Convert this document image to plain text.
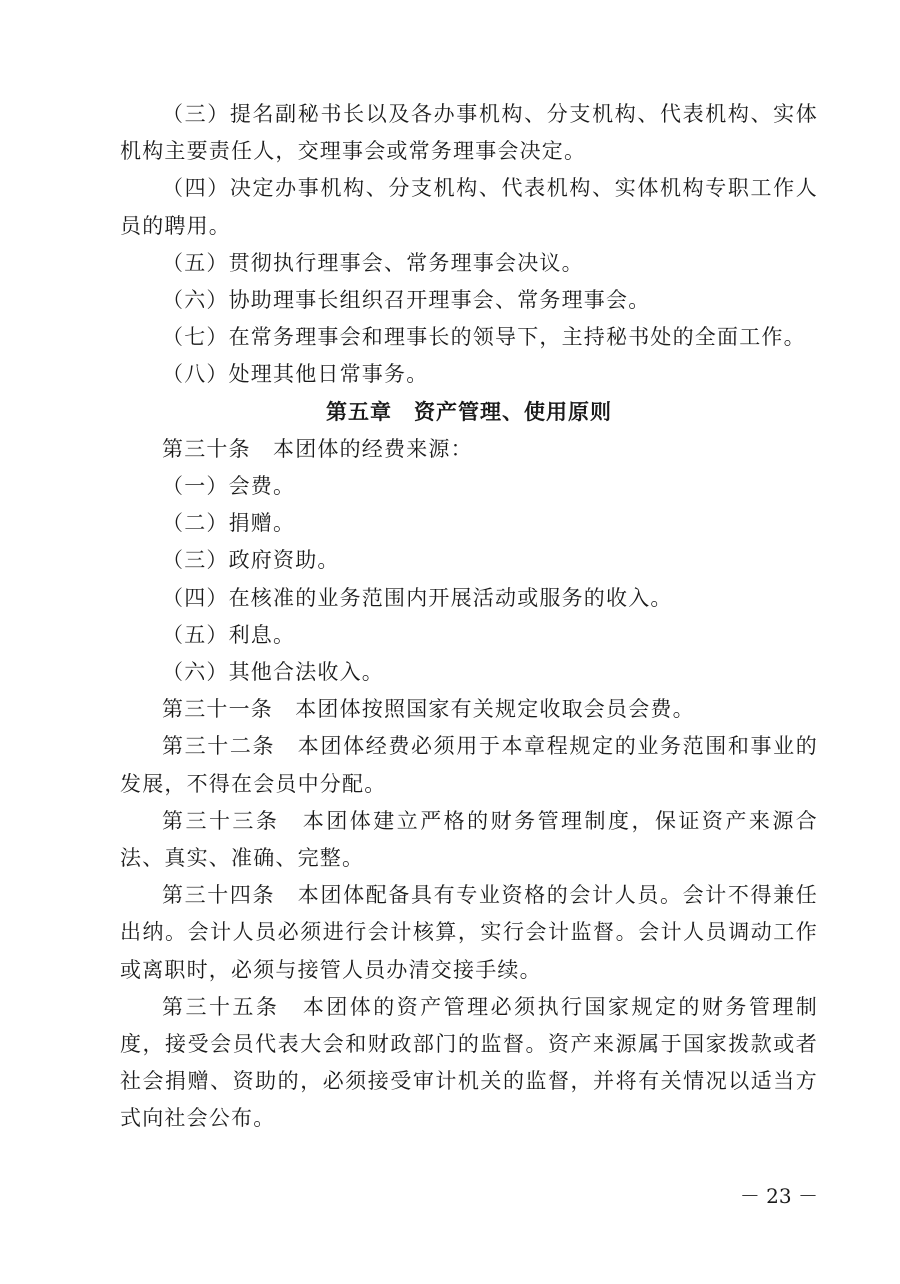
（三）提名副秘书长以及各办事机构、分支机构、代表机构、实体机构主要责任人，交理事会或常务理事会决定。

（四）决定办事机构、分支机构、代表机构、实体机构专职工作人员的聘用。

（五）贯彻执行理事会、常务理事会决议。

（六）协助理事长组织召开理事会、常务理事会。

（七）在常务理事会和理事长的领导下，主持秘书处的全面工作。

（八）处理其他日常事务。

第五章　资产管理、使用原则

第三十条　本团体的经费来源：

（一）会费。

（二）捐赠。

（三）政府资助。

（四）在核准的业务范围内开展活动或服务的收入。

（五）利息。

（六）其他合法收入。

第三十一条　本团体按照国家有关规定收取会员会费。

第三十二条　本团体经费必须用于本章程规定的业务范围和事业的发展，不得在会员中分配。

第三十三条　本团体建立严格的财务管理制度，保证资产来源合法、真实、准确、完整。

第三十四条　本团体配备具有专业资格的会计人员。会计不得兼任出纳。会计人员必须进行会计核算，实行会计监督。会计人员调动工作或离职时，必须与接管人员办清交接手续。

第三十五条　本团体的资产管理必须执行国家规定的财务管理制度，接受会员代表大会和财政部门的监督。资产来源属于国家拨款或者社会捐赠、资助的，必须接受审计机关的监督，并将有关情况以适当方式向社会公布。

－ 23 －
